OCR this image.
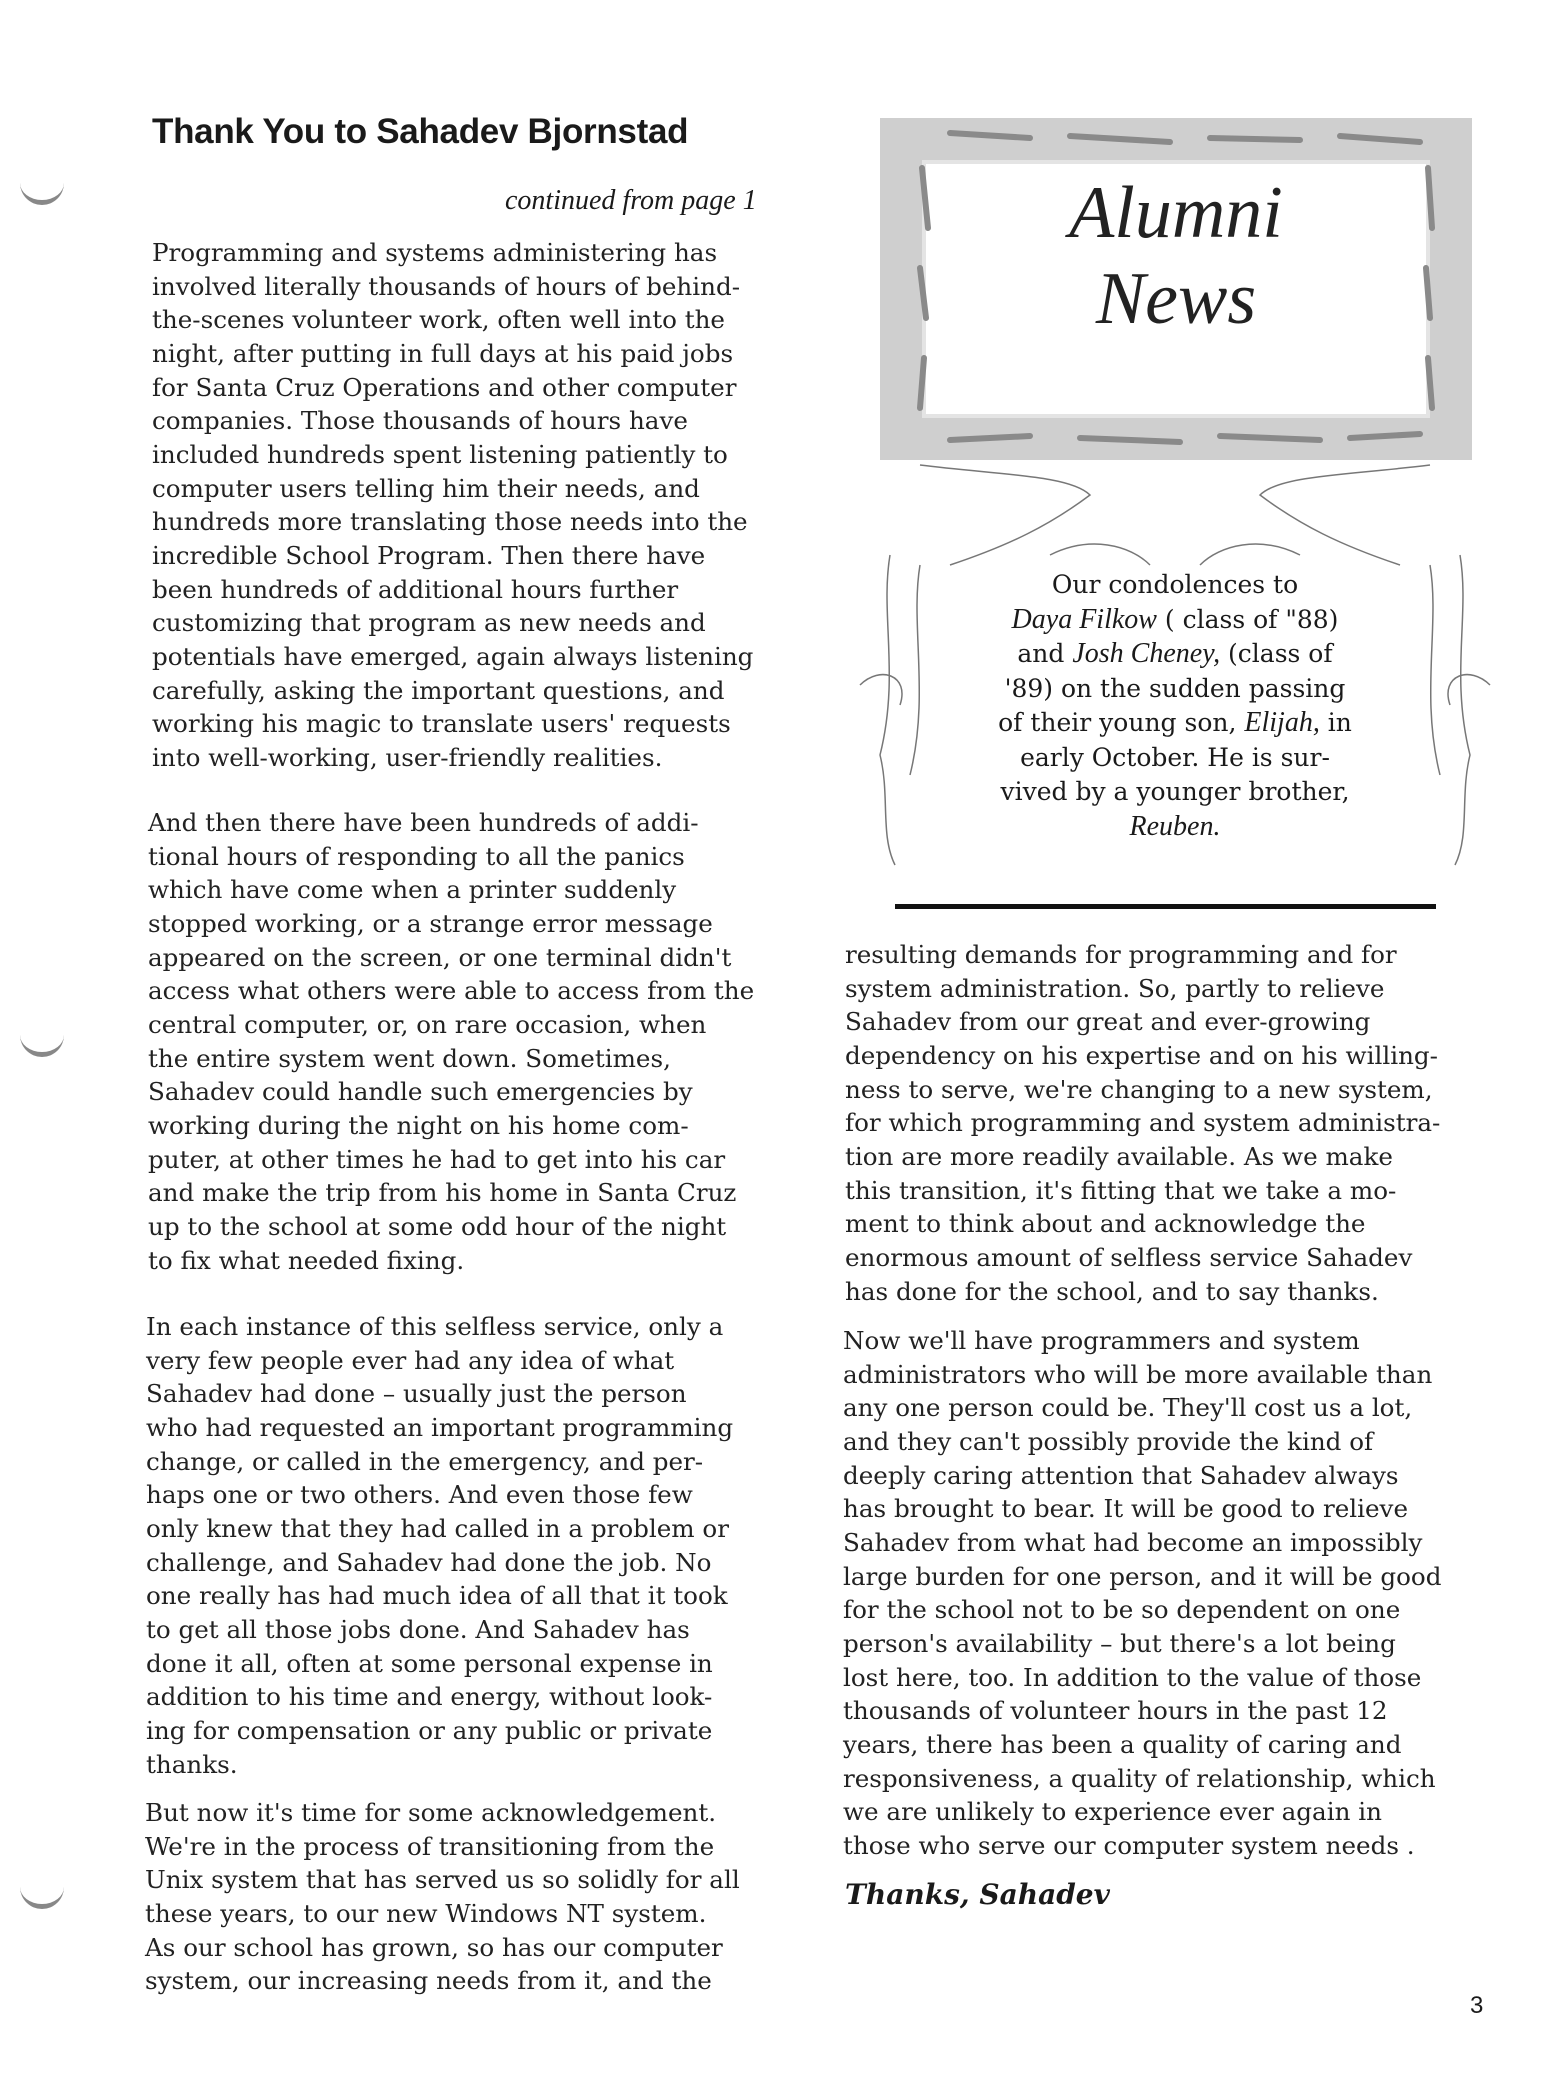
Thank You to Sahadev Bjornstad
continued from page 1
Programming and systems administering has
involved literally thousands of hours of behind-
the-scenes volunteer work, often well into the
night, after putting in full days at his paid jobs
for Santa Cruz Operations and other computer
companies. Those thousands of hours have
included hundreds spent listening patiently to
computer users telling him their needs, and
hundreds more translating those needs into the
incredible School Program. Then there have
been hundreds of additional hours further
customizing that program as new needs and
potentials have emerged, again always listening
carefully, asking the important questions, and
working his magic to translate users' requests
into well-working, user-friendly realities.
And then there have been hundreds of addi-
tional hours of responding to all the panics
which have come when a printer suddenly
stopped working, or a strange error message
appeared on the screen, or one terminal didn't
access what others were able to access from the
central computer, or, on rare occasion, when
the entire system went down. Sometimes,
Sahadev could handle such emergencies by
working during the night on his home com-
puter, at other times he had to get into his car
and make the trip from his home in Santa Cruz
up to the school at some odd hour of the night
to fix what needed fixing.
In each instance of this selfless service, only a
very few people ever had any idea of what
Sahadev had done – usually just the person
who had requested an important programming
change, or called in the emergency, and per-
haps one or two others. And even those few
only knew that they had called in a problem or
challenge, and Sahadev had done the job. No
one really has had much idea of all that it took
to get all those jobs done. And Sahadev has
done it all, often at some personal expense in
addition to his time and energy, without look-
ing for compensation or any public or private
thanks.
But now it's time for some acknowledgement.
We're in the process of transitioning from the
Unix system that has served us so solidly for all
these years, to our new Windows NT system.
As our school has grown, so has our computer
system, our increasing needs from it, and the
Alumni
News
Our condolences to
Daya Filkow ( class of "88)
and Josh Cheney, (class of
'89) on the sudden passing
of their young son, Elijah, in
early October. He is sur-
vived by a younger brother,
Reuben.
resulting demands for programming and for
system administration. So, partly to relieve
Sahadev from our great and ever-growing
dependency on his expertise and on his willing-
ness to serve, we're changing to a new system,
for which programming and system administra-
tion are more readily available. As we make
this transition, it's fitting that we take a mo-
ment to think about and acknowledge the
enormous amount of selfless service Sahadev
has done for the school, and to say thanks.
Now we'll have programmers and system
administrators who will be more available than
any one person could be. They'll cost us a lot,
and they can't possibly provide the kind of
deeply caring attention that Sahadev always
has brought to bear. It will be good to relieve
Sahadev from what had become an impossibly
large burden for one person, and it will be good
for the school not to be so dependent on one
person's availability – but there's a lot being
lost here, too. In addition to the value of those
thousands of volunteer hours in the past 12
years, there has been a quality of caring and
responsiveness, a quality of relationship, which
we are unlikely to experience ever again in
those who serve our computer system needs .
Thanks, Sahadev
3
